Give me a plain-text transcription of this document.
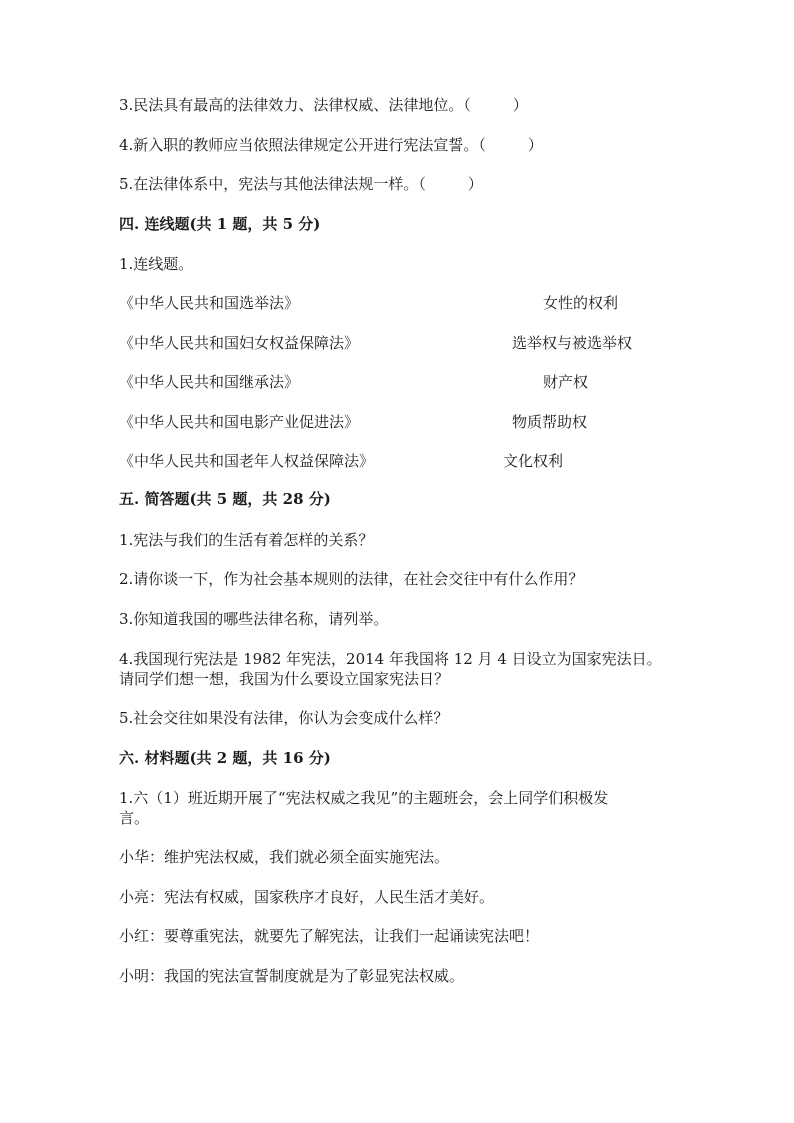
3.民法具有最高的法律效力、法律权威、法律地位。（	）
4.新入职的教师应当依照法律规定公开进行宪法宣誓。（	）
5.在法律体系中，宪法与其他法律法规一样。（	）
四. 连线题(共 1 题，共 5 分)
1.连线题。
《中华人民共和国选举法》	女性的权利
《中华人民共和国妇女权益保障法》	选举权与被选举权
《中华人民共和国继承法》	财产权
《中华人民共和国电影产业促进法》	物质帮助权
《中华人民共和国老年人权益保障法》	文化权利
五. 简答题(共 5 题，共 28 分)
1.宪法与我们的生活有着怎样的关系？
2.请你谈一下，作为社会基本规则的法律，在社会交往中有什么作用？
3.你知道我国的哪些法律名称，请列举。
4.我国现行宪法是 1982 年宪法，2014 年我国将 12 月 4 日设立为国家宪法日。
请同学们想一想，我国为什么要设立国家宪法日？
5.社会交往如果没有法律，你认为会变成什么样？
六. 材料题(共 2 题，共 16 分)
1.六（1）班近期开展了“宪法权威之我见”的主题班会，会上同学们积极发
言。
小华：维护宪法权威，我们就必须全面实施宪法。
小亮：宪法有权威，国家秩序才良好，人民生活才美好。
小红：要尊重宪法，就要先了解宪法，让我们一起诵读宪法吧！
小明：我国的宪法宣誓制度就是为了彰显宪法权威。
